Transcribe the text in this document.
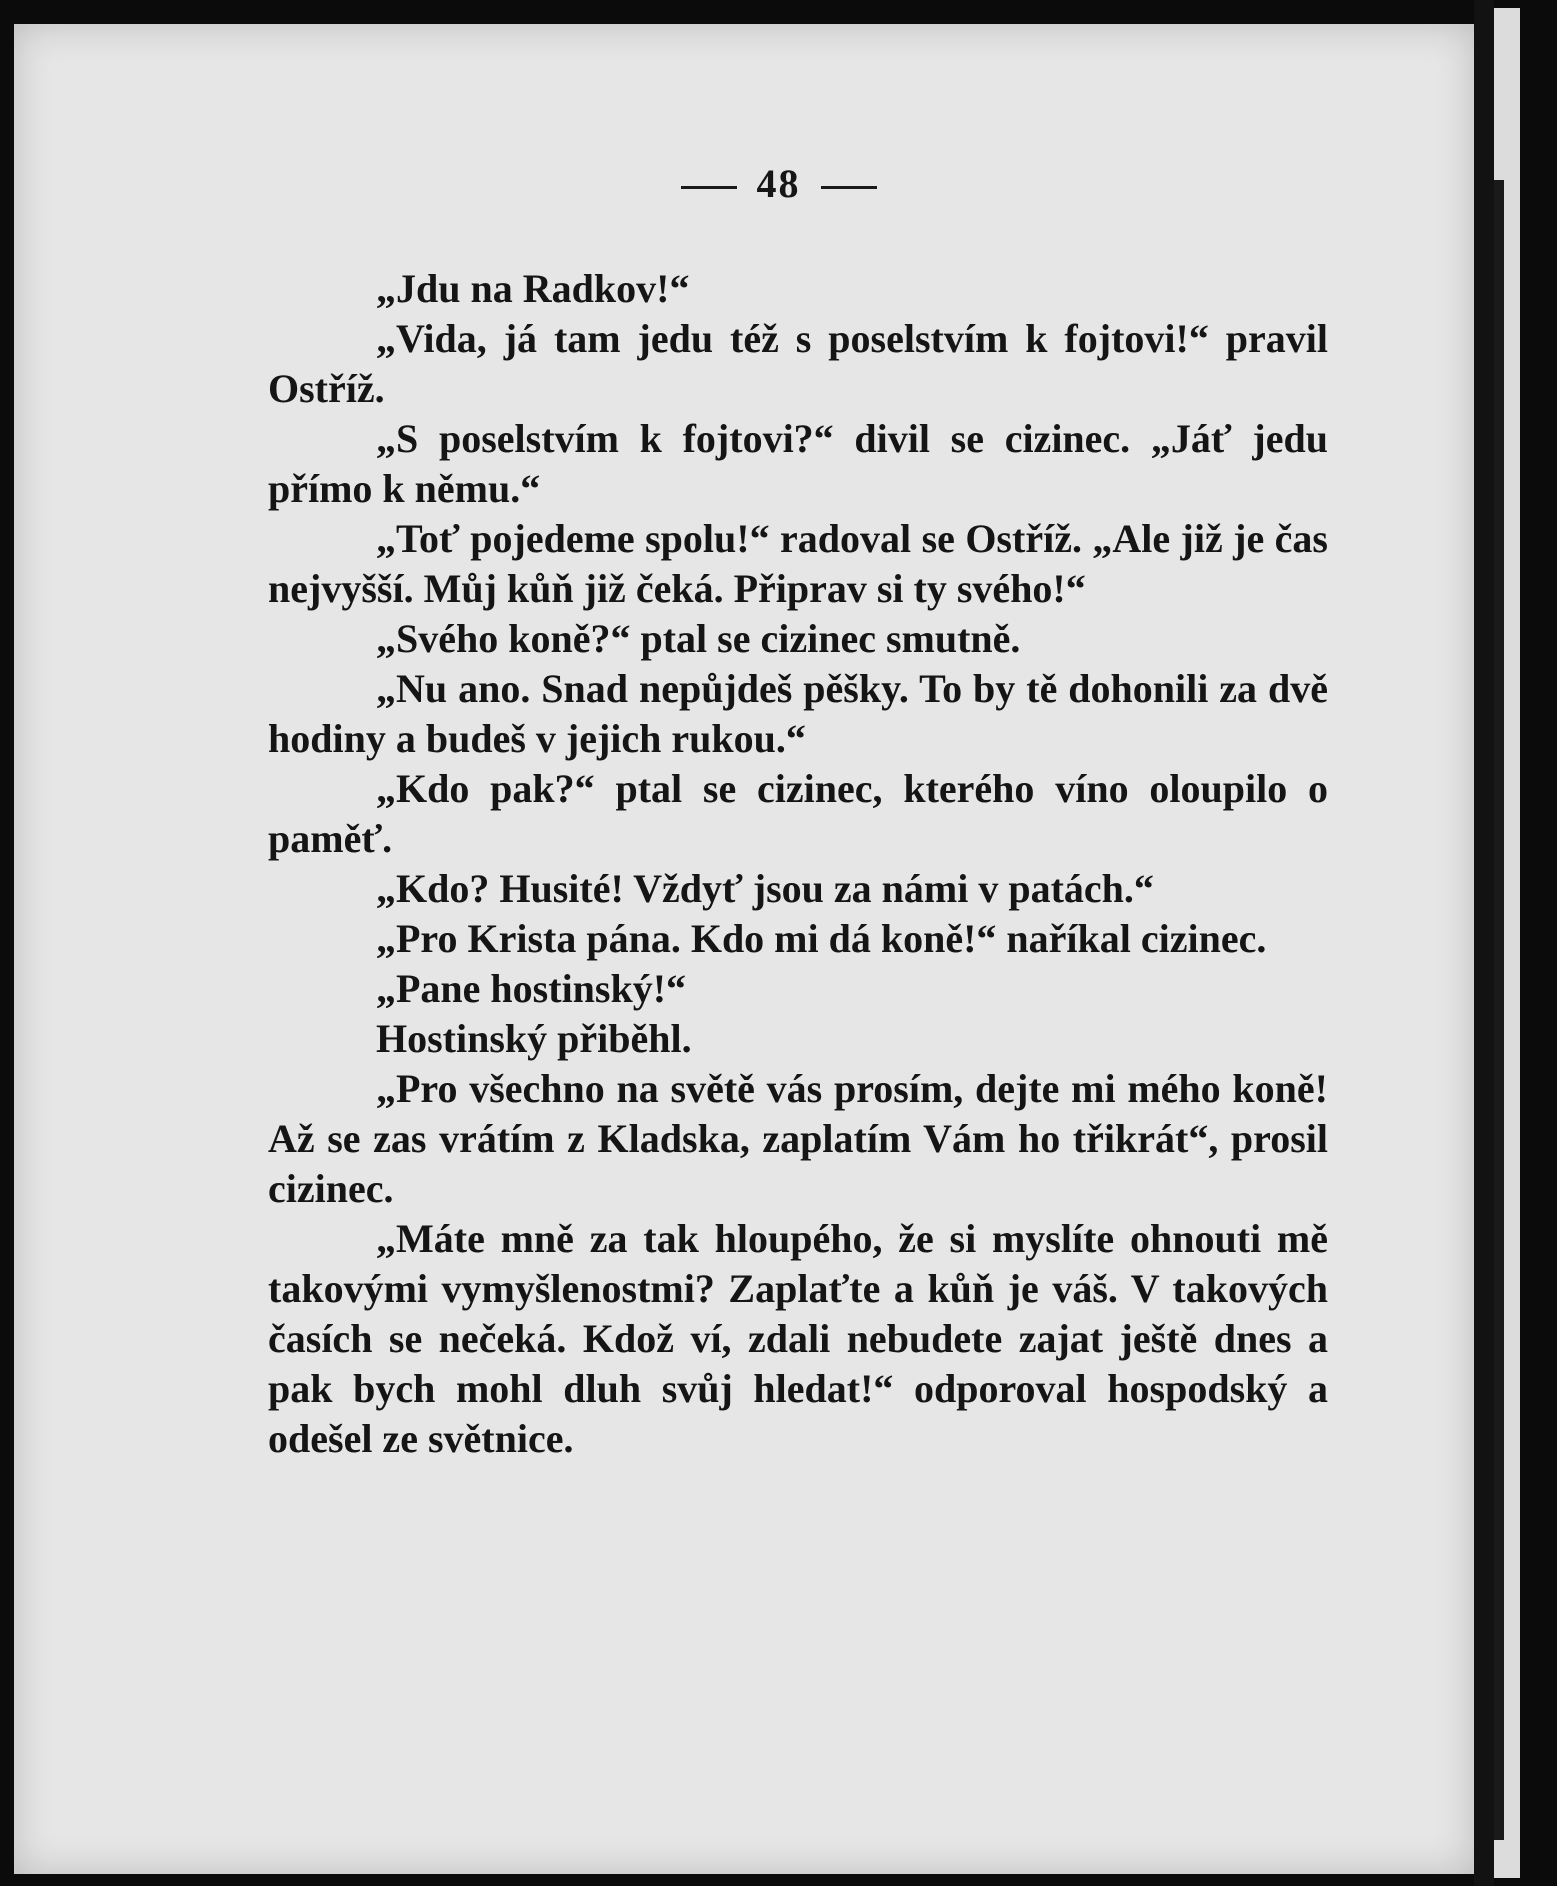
48

„Jdu na Radkov!“

„Vida, já tam jedu též s poselstvím k fojtovi!“ pravil Ostříž.

„S poselstvím k fojtovi?“ divil se cizinec. „Jáť jedu přímo k němu.“

„Toť pojedeme spolu!“ radoval se Ostříž. „Ale již je čas nejvyšší. Můj kůň již čeká. Připrav si ty svého!“

„Svého koně?“ ptal se cizinec smutně.

„Nu ano. Snad nepůjdeš pěšky. To by tě dohonili za dvě hodiny a budeš v jejich rukou.“

„Kdo pak?“ ptal se cizinec, kterého víno oloupilo o paměť.

„Kdo? Husité! Vždyť jsou za námi v patách.“

„Pro Krista pána. Kdo mi dá koně!“ naříkal cizinec.

„Pane hostinský!“

Hostinský přiběhl.

„Pro všechno na světě vás prosím, dejte mi mého koně! Až se zas vrátím z Kladska, zaplatím Vám ho třikrát“, prosil cizinec.

„Máte mně za tak hloupého, že si myslíte ohnouti mě takovými vymyšlenostmi? Zaplaťte a kůň je váš. V takových časích se nečeká. Kdož ví, zdali nebudete zajat ještě dnes a pak bych mohl dluh svůj hledat!“ odporoval hospodský a odešel ze světnice.
